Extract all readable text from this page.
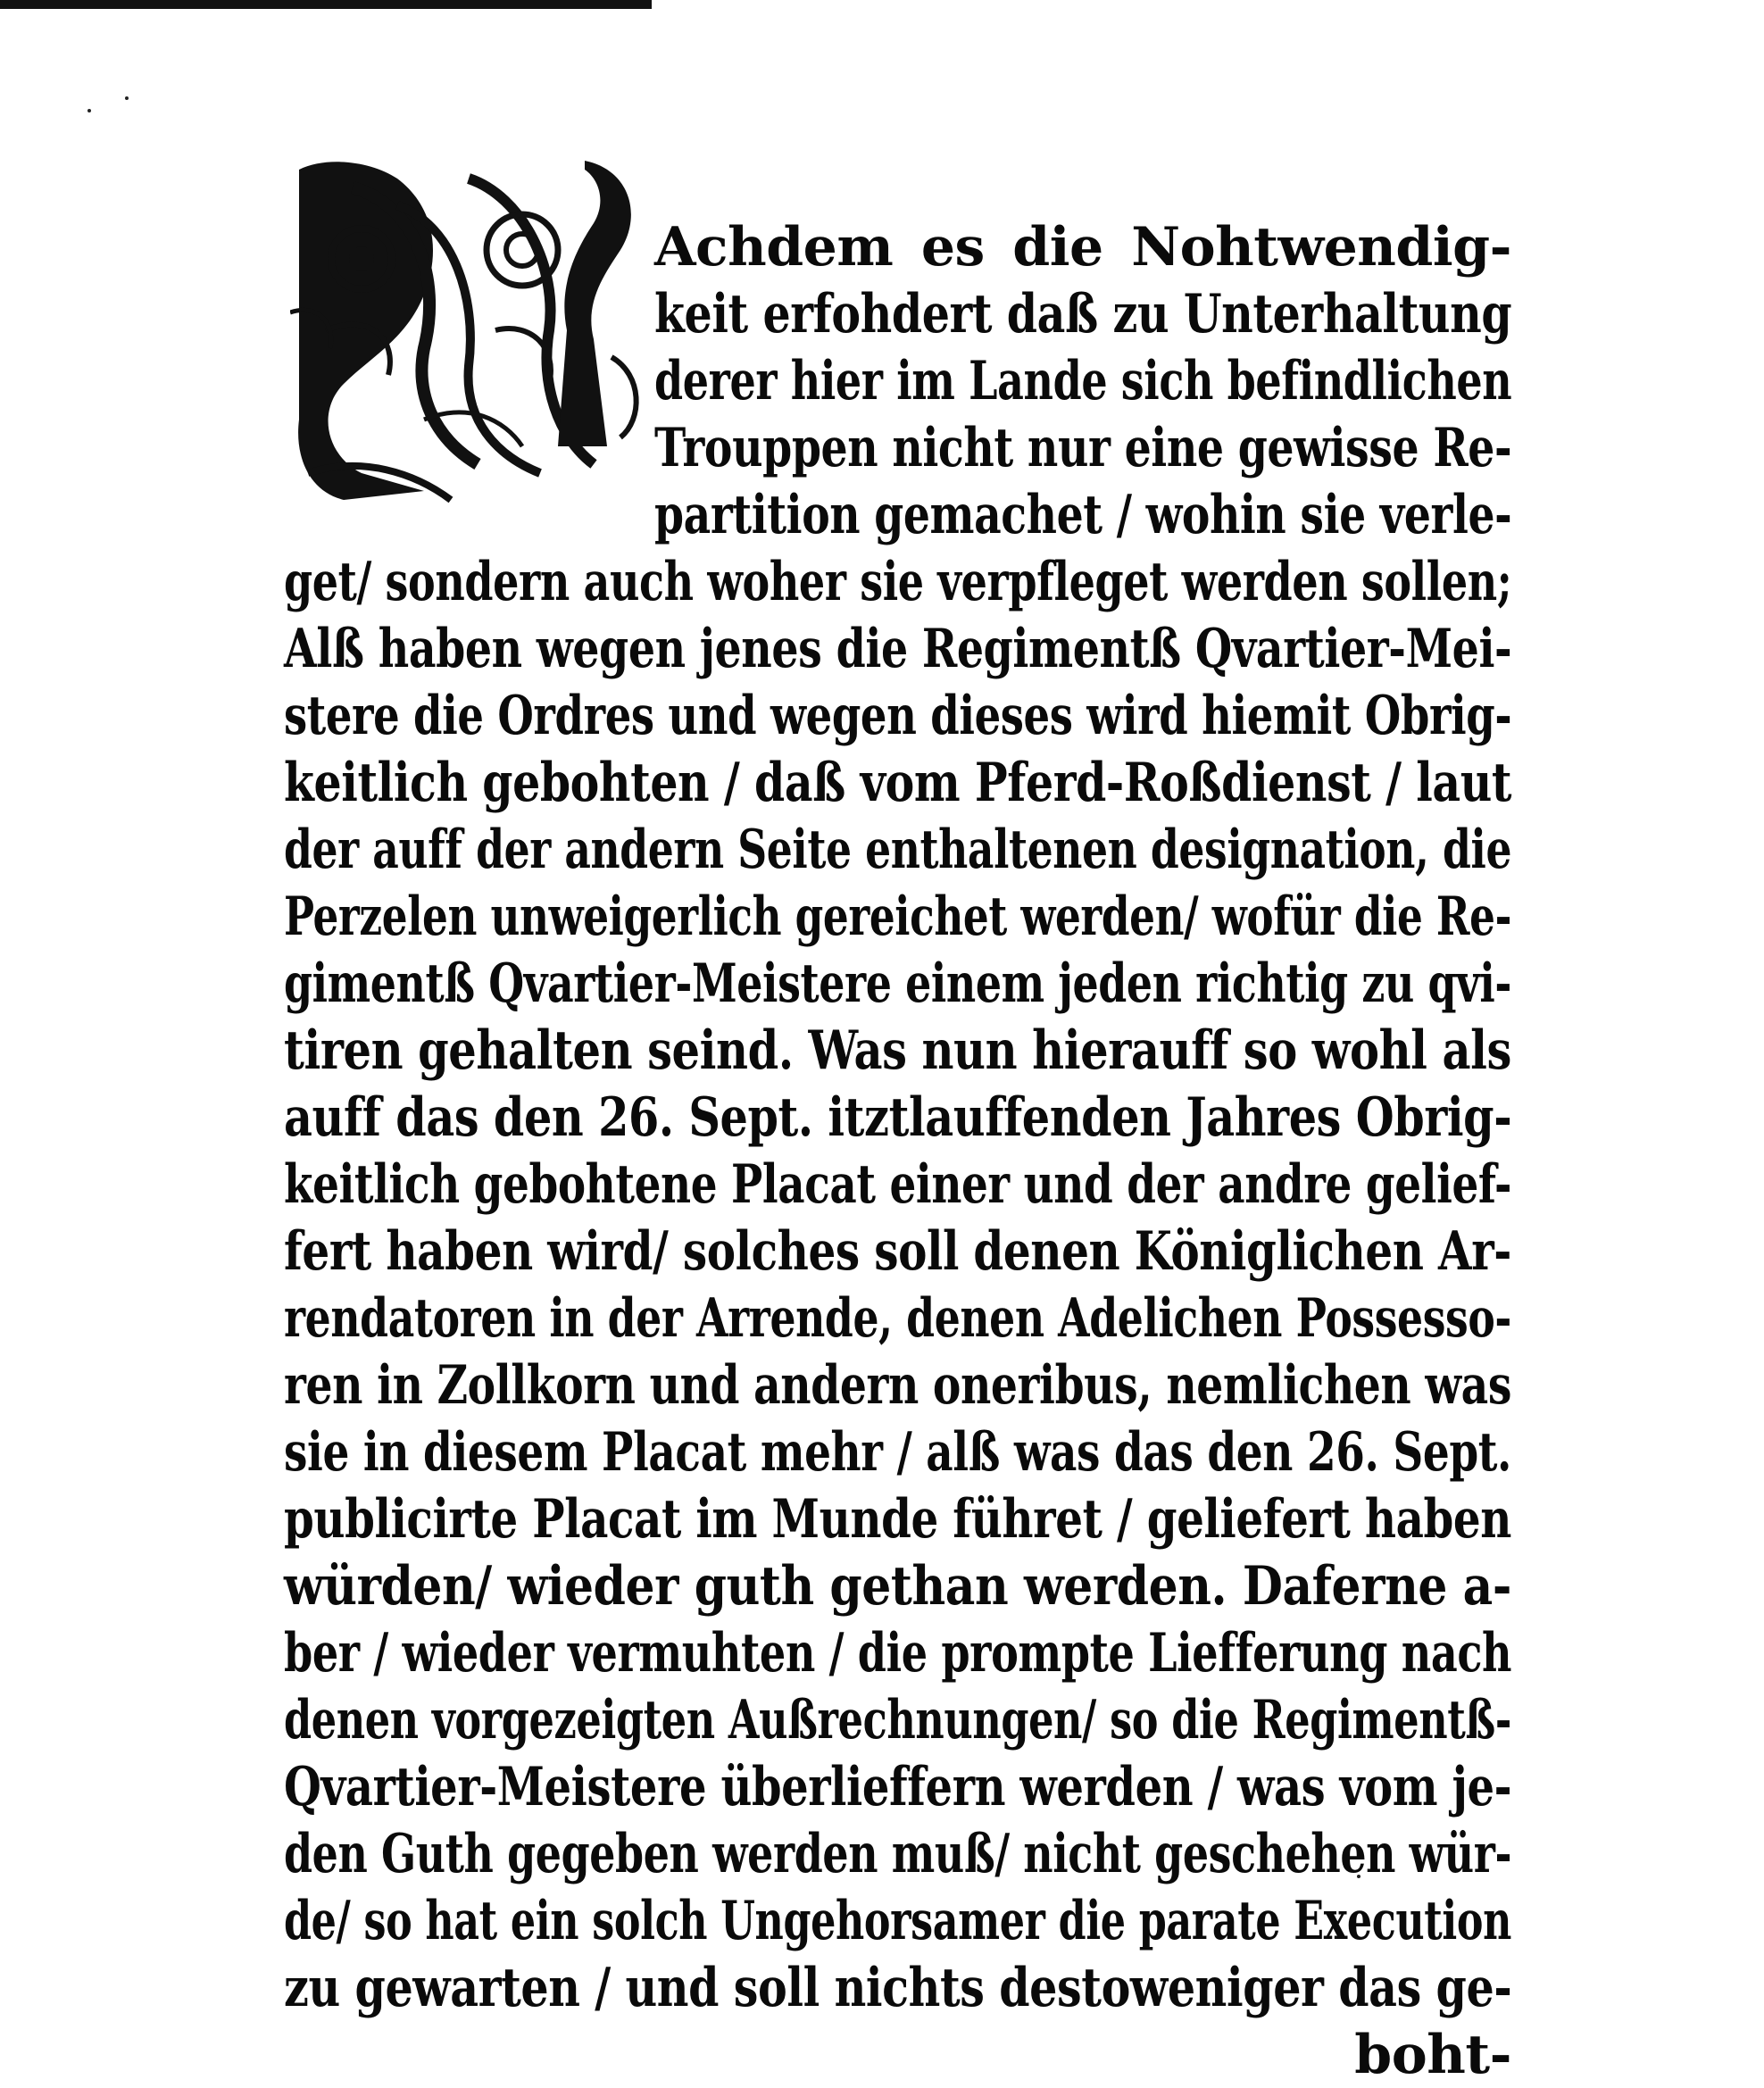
Achdem es die Nohtwendig-
keit erfohdert daß zu Unterhaltung
derer hier im Lande sich befindlichen
Trouppen nicht nur eine gewisse Re-
partition gemachet / wohin sie verle-
get/ sondern auch woher sie verpfleget werden sollen;
Alß haben wegen jenes die Regimentß Qvartier-Mei-
stere die Ordres und wegen dieses wird hiemit Obrig-
keitlich gebohten / daß vom Pferd-Roßdienst / laut
der auff der andern Seite enthaltenen designation, die
Perzelen unweigerlich gereichet werden/ wofür die Re-
gimentß Qvartier-Meistere einem jeden richtig zu qvi-
tiren gehalten seind. Was nun hierauff so wohl als
auff das den 26. Sept. itztlauffenden Jahres Obrig-
keitlich gebohtene Placat einer und der andre gelief-
fert haben wird/ solches soll denen Königlichen Ar-
rendatoren in der Arrende, denen Adelichen Possesso-
ren in Zollkorn und andern oneribus, nemlichen was
sie in diesem Placat mehr / alß was das den 26. Sept.
publicirte Placat im Munde führet / geliefert haben
würden/ wieder guth gethan werden. Daferne a-
ber / wieder vermuhten / die prompte Liefferung nach
denen vorgezeigten Außrechnungen/ so die Regimentß-
Qvartier-Meistere überlieffern werden / was vom je-
den Guth gegeben werden muß/ nicht geschehen wür-
de/ so hat ein solch Ungehorsamer die parate Execution
zu gewarten / und soll nichts destoweniger das ge-
boht-
